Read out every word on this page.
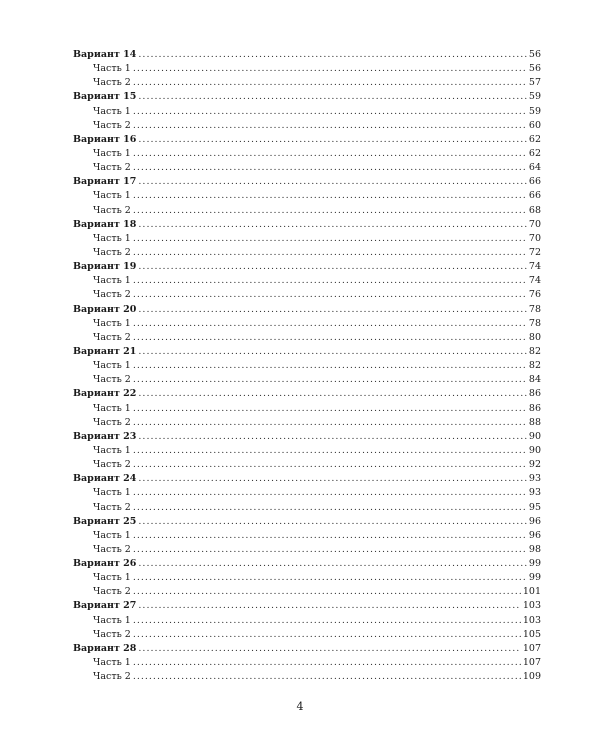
Вариант 14 .....	56
Часть 1 .....	56
Часть 2 .....	57
Вариант 15 .....	59
Часть 1 .....	59
Часть 2 .....	60
Вариант 16 .....	62
Часть 1 .....	62
Часть 2 .....	64
Вариант 17 .....	66
Часть 1 .....	66
Часть 2 .....	68
Вариант 18 .....	70
Часть 1 .....	70
Часть 2 .....	72
Вариант 19 .....	74
Часть 1 .....	74
Часть 2 .....	76
Вариант 20 .....	78
Часть 1 .....	78
Часть 2 .....	80
Вариант 21 .....	82
Часть 1 .....	82
Часть 2 .....	84
Вариант 22 .....	86
Часть 1 .....	86
Часть 2 .....	88
Вариант 23 .....	90
Часть 1 .....	90
Часть 2 .....	92
Вариант 24 .....	93
Часть 1 .....	93
Часть 2 .....	95
Вариант 25 .....	96
Часть 1 .....	96
Часть 2 .....	98
Вариант 26 .....	99
Часть 1 .....	99
Часть 2 .....	101
Вариант 27 .....	103
Часть 1 .....	103
Часть 2 .....	105
Вариант 28 .....	107
Часть 1 .....	107
Часть 2 .....	109
4
